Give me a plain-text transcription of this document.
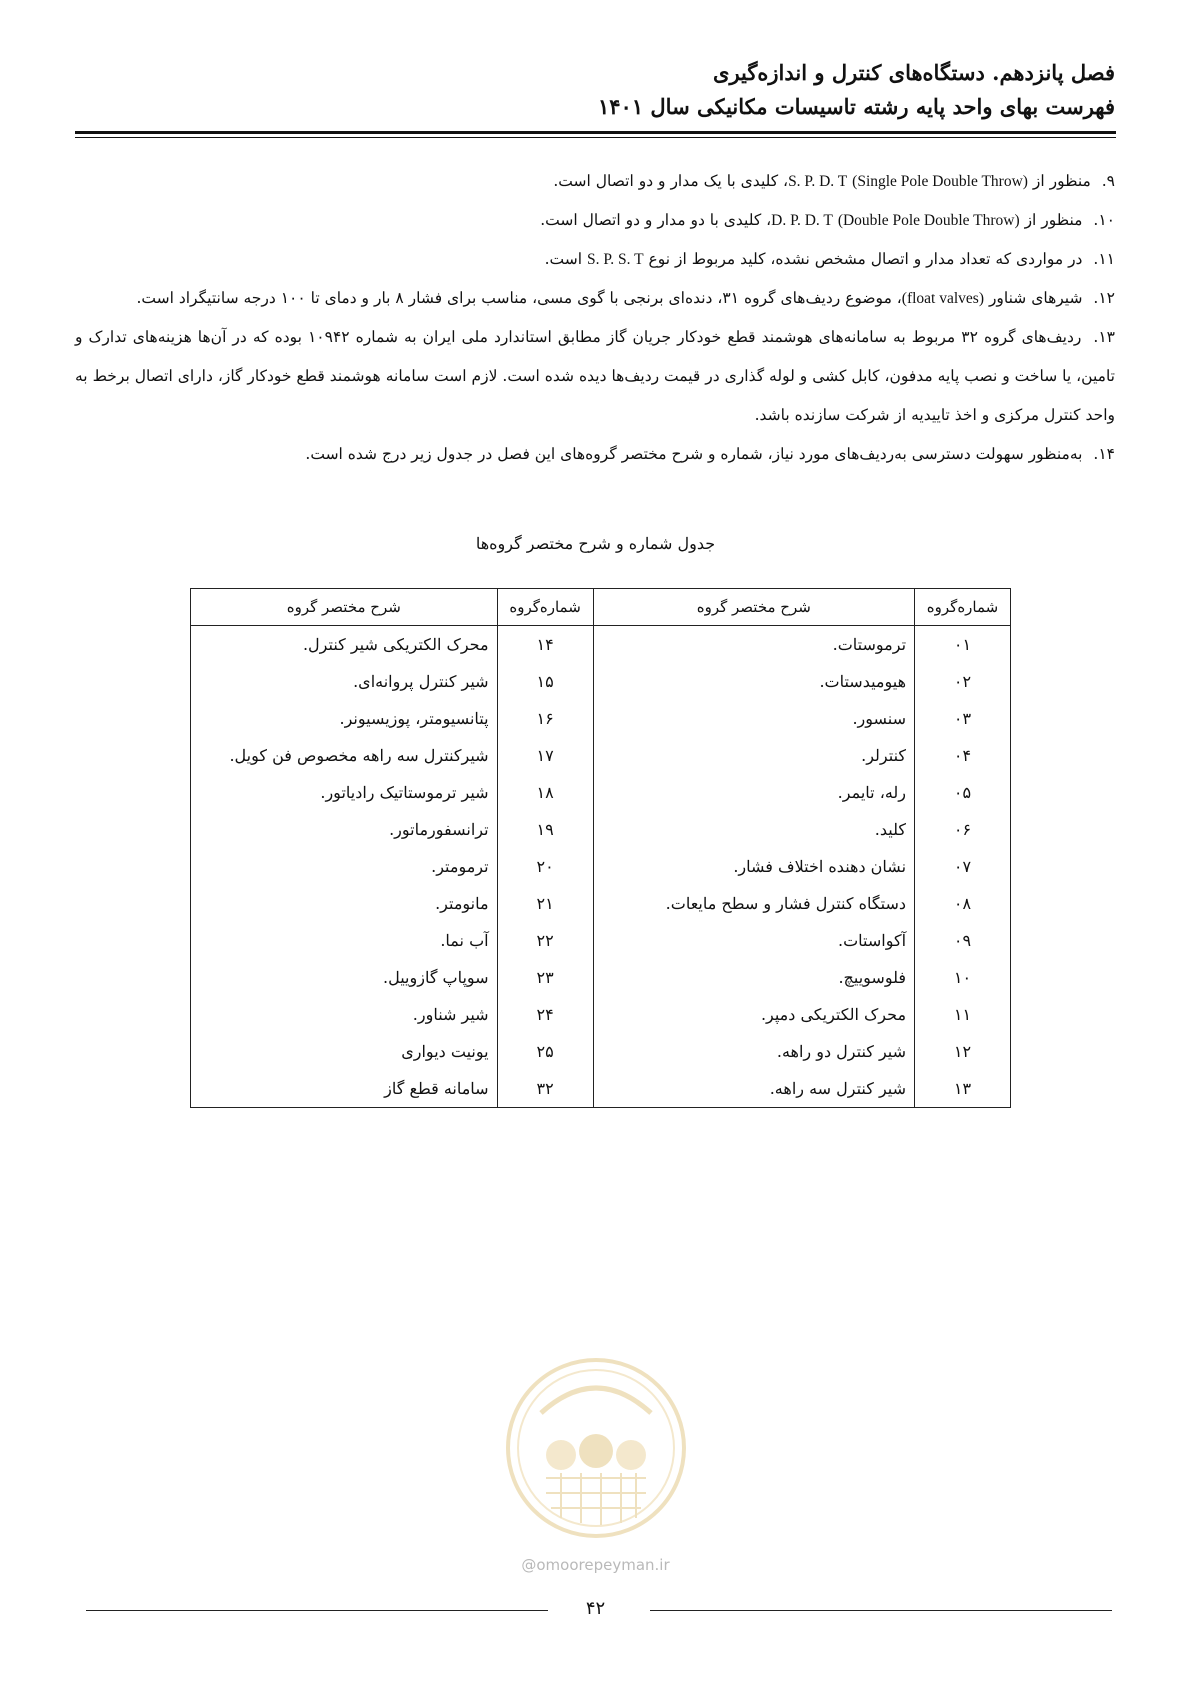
فصل پانزدهم. دستگاه‌های کنترل و اندازه‌گیری
فهرست بهای واحد پایه رشته تاسیسات مکانیکی سال ۱۴۰۱

۹. منظور از S. P. D. T (Single Pole Double Throw)، کلیدی با یک مدار و دو اتصال است.

۱۰. منظور از D. P. D. T (Double Pole Double Throw)، کلیدی با دو مدار و دو اتصال است.

۱۱. در مواردی که تعداد مدار و اتصال مشخص نشده، کلید مربوط از نوع S. P. S. T است.

۱۲. شیرهای شناور (float valves)، موضوع ردیف‌های گروه ۳۱، دنده‌ای برنجی با گوی مسی، مناسب برای فشار ۸ بار و دمای تا ۱۰۰ درجه سانتیگراد است.

۱۳. ردیف‌های گروه ۳۲ مربوط به سامانه‌های هوشمند قطع خودکار جریان گاز مطابق استاندارد ملی ایران به شماره ۱۰۹۴۲ بوده که در آن‌ها هزینه‌های تدارک و تامین، یا ساخت و نصب پایه مدفون، کابل کشی و لوله گذاری در قیمت ردیف‌ها دیده شده است. لازم است سامانه هوشمند قطع خودکار گاز، دارای اتصال برخط به واحد کنترل مرکزی و اخذ تاییدیه از شرکت سازنده باشد.

۱۴. به‌منظور سهولت دسترسی به‌ردیف‌های مورد نیاز، شماره و شرح مختصر گروه‌های این فصل در جدول زیر درج شده است.

جدول شماره و شرح مختصر گروه‌ها
شماره‌گروه	شرح مختصر گروه	شماره‌گروه	شرح مختصر گروه
۰۱	ترموستات.	۱۴	محرک الکتریکی شیر کنترل.
۰۲	هیومیدستات.	۱۵	شیر کنترل پروانه‌ای.
۰۳	سنسور.	۱۶	پتانسیومتر، پوزیسیونر.
۰۴	کنترلر.	۱۷	شیرکنترل سه راهه مخصوص فن کویل.
۰۵	رله، تایمر.	۱۸	شیر ترموستاتیک رادیاتور.
۰۶	کلید.	۱۹	ترانسفورماتور.
۰۷	نشان دهنده اختلاف فشار.	۲۰	ترمومتر.
۰۸	دستگاه کنترل فشار و سطح مایعات.	۲۱	مانومتر.
۰۹	آکواستات.	۲۲	آب نما.
۱۰	فلوسوییچ.	۲۳	سوپاپ گازوییل.
۱۱	محرک الکتریکی دمپر.	۲۴	شیر شناور.
۱۲	شیر کنترل دو راهه.	۲۵	یونیت دیواری
۱۳	شیر کنترل سه راهه.	۳۲	سامانه قطع گاز
@omoorepeyman.ir
۴۲
